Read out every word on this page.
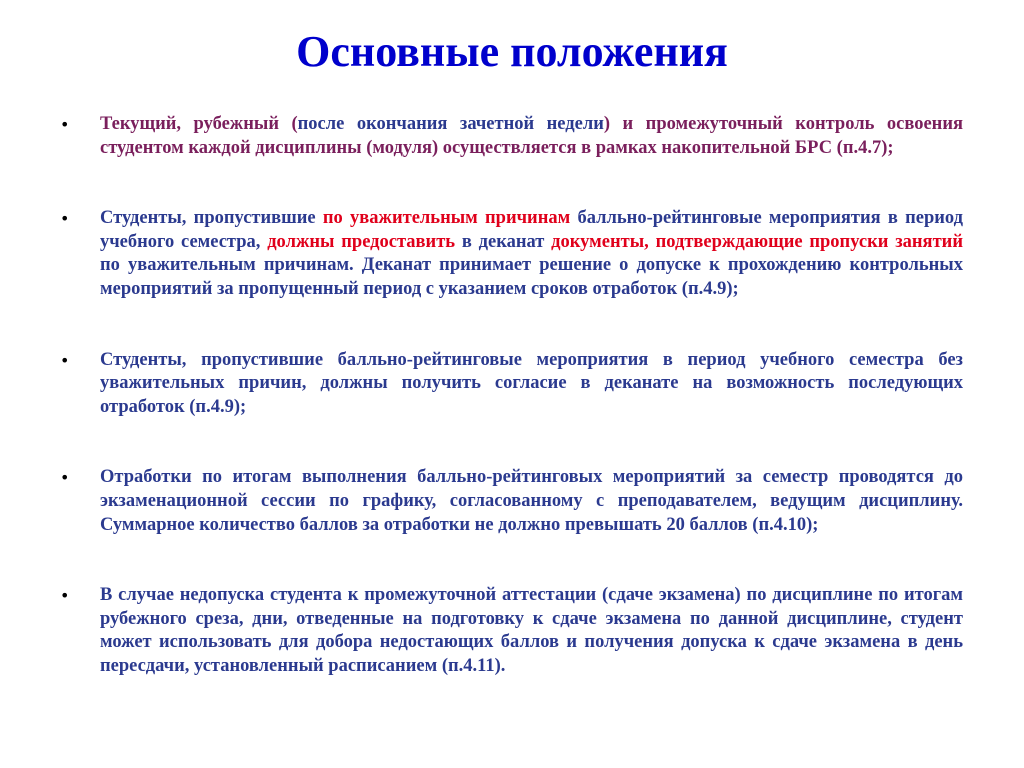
Основные положения
• Текущий, рубежный (после окончания зачетной недели) и промежуточный контроль освоения студентом каждой дисциплины (модуля) осуществляется в рамках накопительной БРС (п.4.7);
• Студенты, пропустившие по уважительным причинам балльно-рейтинговые мероприятия в период учебного семестра, должны предоставить в деканат документы, подтверждающие пропуски занятий по уважительным причинам. Деканат принимает решение о допуске к прохождению контрольных мероприятий за пропущенный период с указанием сроков отработок (п.4.9);
• Студенты, пропустившие балльно-рейтинговые мероприятия в период учебного семестра без уважительных причин, должны получить согласие в деканате на возможность последующих отработок (п.4.9);
• Отработки по итогам выполнения балльно-рейтинговых мероприятий за семестр проводятся до экзаменационной сессии по графику, согласованному с преподавателем, ведущим дисциплину. Суммарное количество баллов за отработки не должно превышать 20 баллов (п.4.10);
• В случае недопуска студента к промежуточной аттестации (сдаче экзамена) по дисциплине по итогам рубежного среза, дни, отведенные на подготовку к сдаче экзамена по данной дисциплине, студент может использовать для добора недостающих баллов и получения допуска к сдаче экзамена в день пересдачи, установленный расписанием (п.4.11).
